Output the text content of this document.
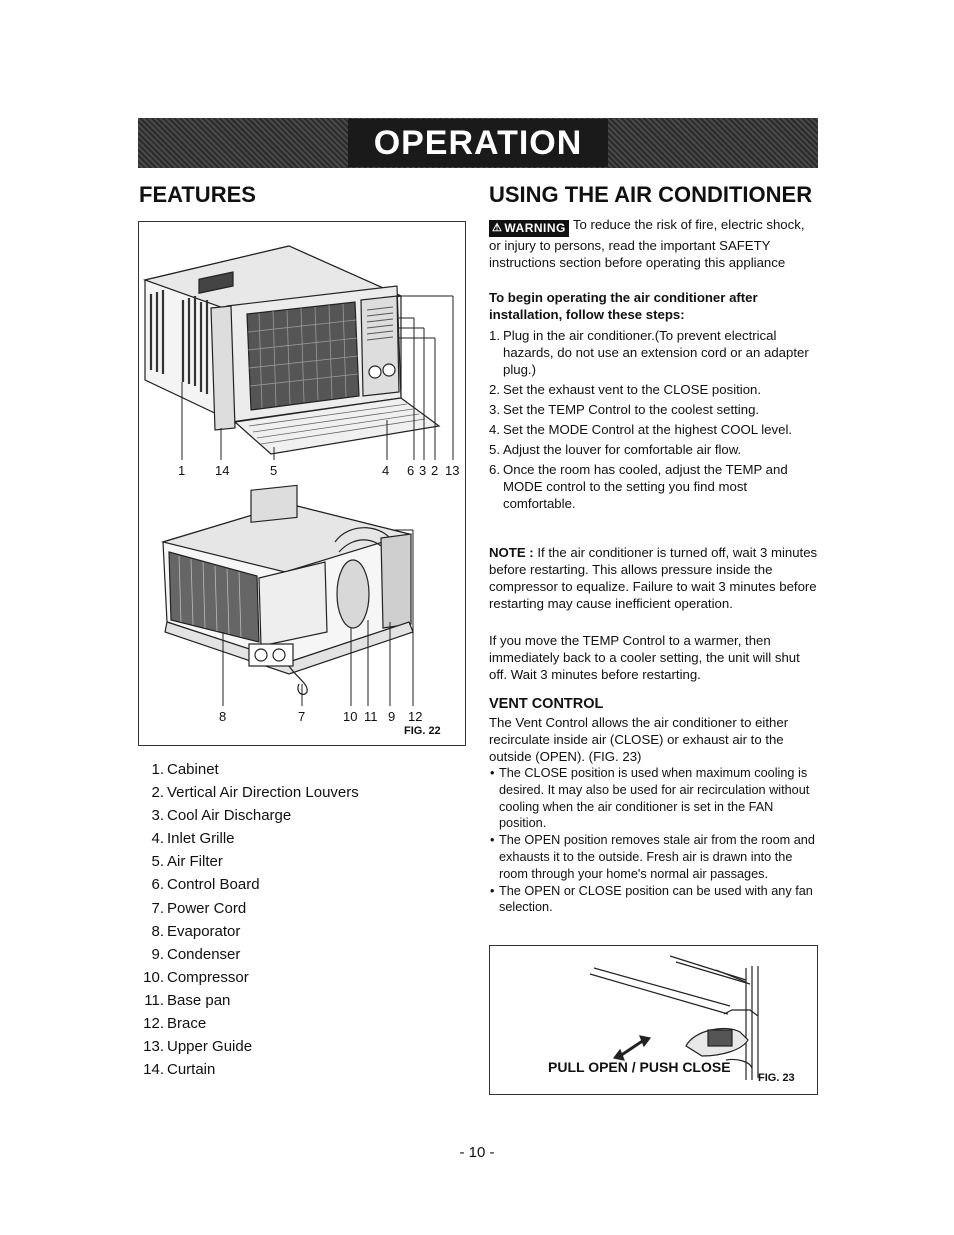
OPERATION
FEATURES
1 14	5	4 6 3 2 13
8	7	10 11 9 12
FIG. 22
1. Cabinet
2. Vertical Air Direction Louvers
3. Cool Air Discharge
4. Inlet Grille
5. Air Filter
6. Control Board
7. Power Cord
8. Evaporator
9. Condenser
10. Compressor
11. Base pan
12. Brace
13. Upper Guide
14. Curtain
USING THE AIR CONDITIONER
⚠ WARNING To reduce the risk of fire, electric shock, or injury to persons, read the important SAFETY instructions section before operating this appliance
To begin operating the air conditioner after installation, follow these steps:
1. Plug in the air conditioner.(To prevent electrical hazards, do not use an extension cord or an adapter plug.)
2. Set the exhaust vent to the CLOSE position.
3. Set the TEMP Control to the coolest setting.
4. Set the MODE Control at the highest COOL level.
5. Adjust the louver for comfortable air flow.
6. Once the room has cooled, adjust the TEMP and MODE control to the setting you find most comfortable.
NOTE : If the air conditioner is turned off, wait 3 minutes before restarting. This allows pressure inside the compressor to equalize. Failure to wait 3 minutes before restarting may cause inefficient operation.
If you move the TEMP Control to a warmer, then immediately back to a cooler setting, the unit will shut off. Wait 3 minutes before restarting.
VENT CONTROL
The Vent Control allows the air conditioner to either recirculate inside air (CLOSE) or exhaust air to the outside (OPEN). (FIG. 23)
• The CLOSE position is used when maximum cooling is desired. It may also be used for air recirculation without cooling when the air conditioner is set in the FAN position.
• The OPEN position removes stale air from the room and exhausts it to the outside. Fresh air is drawn into the room through your home's normal air passages.
• The OPEN or CLOSE position can be used with any fan selection.
PULL OPEN / PUSH CLOSE
FIG. 23
- 10 -
